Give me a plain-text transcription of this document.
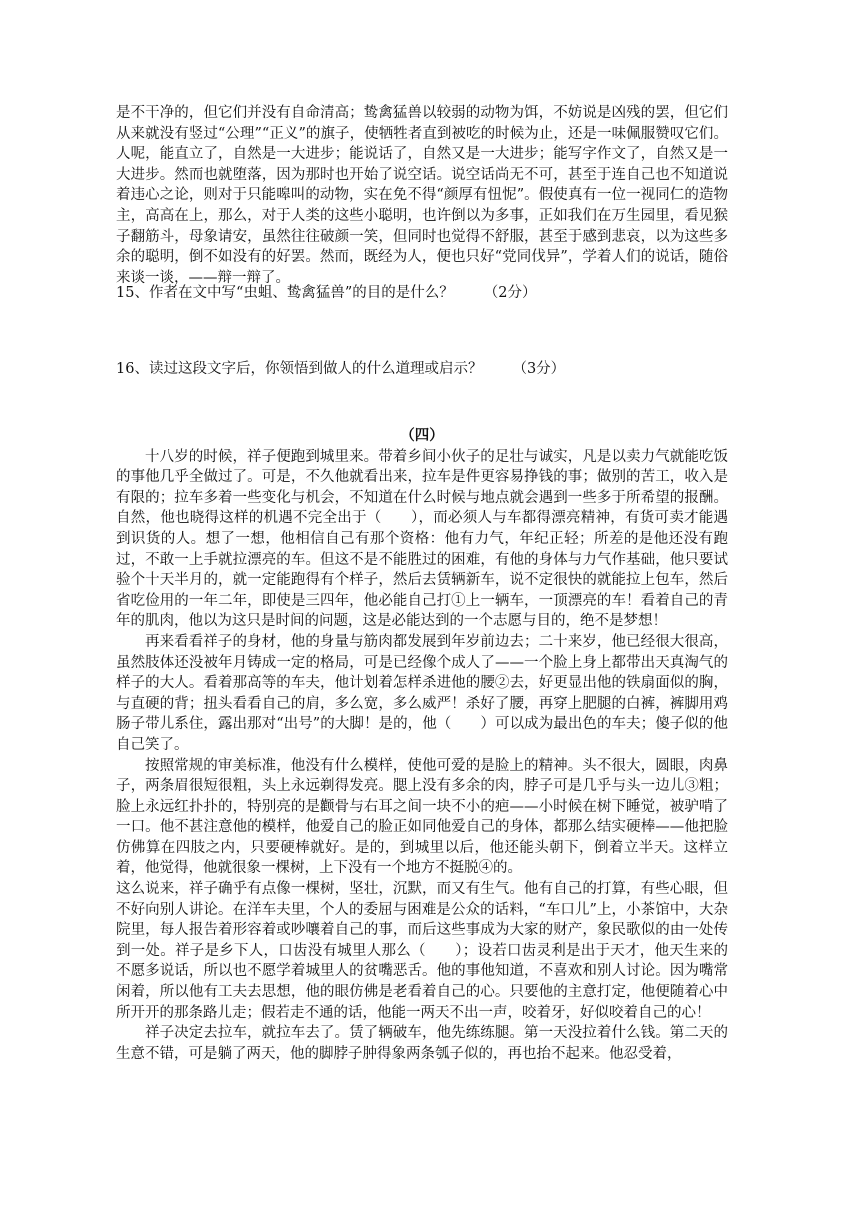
是不干净的，但它们并没有自命清高；鸷禽猛兽以较弱的动物为饵，不妨说是凶残的罢，但它们从来就没有竖过“公理”“正义”的旗子，使牺牲者直到被吃的时候为止，还是一味佩服赞叹它们。人呢，能直立了，自然是一大进步；能说话了，自然又是一大进步；能写字作文了，自然又是一大进步。然而也就堕落，因为那时也开始了说空话。说空话尚无不可，甚至于连自己也不知道说着违心之论，则对于只能嗥叫的动物，实在免不得“颜厚有忸怩”。假使真有一位一视同仁的造物主，高高在上，那么，对于人类的这些小聪明，也许倒以为多事，正如我们在万生园里，看见猴子翻筋斗，母象请安，虽然往往破颜一笑，但同时也觉得不舒服，甚至于感到悲哀，以为这些多余的聪明，倒不如没有的好罢。然而，既经为人，便也只好“党同伐异”，学着人们的说话，随俗来谈一谈，——辩一辩了。

15、作者在文中写“虫蛆、鸷禽猛兽”的目的是什么？ （2分）

16、读过这段文字后，你领悟到做人的什么道理或启示？ （3分）

（四）

十八岁的时候，祥子便跑到城里来。带着乡间小伙子的足壮与诚实，凡是以卖力气就能吃饭的事他几乎全做过了。可是，不久他就看出来，拉车是件更容易挣钱的事；做别的苦工，收入是有限的；拉车多着一些变化与机会，不知道在什么时候与地点就会遇到一些多于所希望的报酬。自然，他也晓得这样的机遇不完全出于（　　），而必须人与车都得漂亮精神，有货可卖才能遇到识货的人。想了一想，他相信自己有那个资格：他有力气，年纪正轻；所差的是他还没有跑过，不敢一上手就拉漂亮的车。但这不是不能胜过的困难，有他的身体与力气作基础，他只要试验个十天半月的，就一定能跑得有个样子，然后去赁辆新车，说不定很快的就能拉上包车，然后省吃俭用的一年二年，即使是三四年，他必能自己打①上一辆车，一顶漂亮的车！看着自己的青年的肌肉，他以为这只是时间的问题，这是必能达到的一个志愿与目的，绝不是梦想！

再来看看祥子的身材，他的身量与筋肉都发展到年岁前边去；二十来岁，他已经很大很高，虽然肢体还没被年月铸成一定的格局，可是已经像个成人了——一个脸上身上都带出天真淘气的样子的大人。看着那高等的车夫，他计划着怎样杀进他的腰②去，好更显出他的铁扇面似的胸，与直硬的背；扭头看看自己的肩，多么宽，多么威严！杀好了腰，再穿上肥腿的白裤，裤脚用鸡肠子带儿系住，露出那对“出号”的大脚！是的，他（　　）可以成为最出色的车夫；傻子似的他自己笑了。

按照常规的审美标准，他没有什么模样，使他可爱的是脸上的精神。头不很大，圆眼，肉鼻子，两条眉很短很粗，头上永远剃得发亮。腮上没有多余的肉，脖子可是几乎与头一边儿③粗；脸上永远红扑扑的，特别亮的是颧骨与右耳之间一块不小的疤——小时候在树下睡觉，被驴啃了一口。他不甚注意他的模样，他爱自己的脸正如同他爱自己的身体，都那么结实硬棒——他把脸仿佛算在四肢之内，只要硬棒就好。是的，到城里以后，他还能头朝下，倒着立半天。这样立着，他觉得，他就很象一棵树，上下没有一个地方不挺脱④的。

这么说来，祥子确乎有点像一棵树，坚壮，沉默，而又有生气。他有自己的打算，有些心眼，但不好向别人讲论。在洋车夫里，个人的委屈与困难是公众的话料，“车口儿”上，小茶馆中，大杂院里，每人报告着形容着或吵嚷着自己的事，而后这些事成为大家的财产，象民歌似的由一处传到一处。祥子是乡下人，口齿没有城里人那么（　　）；设若口齿灵利是出于天才，他天生来的不愿多说话，所以也不愿学着城里人的贫嘴恶舌。他的事他知道，不喜欢和别人讨论。因为嘴常闲着，所以他有工夫去思想，他的眼仿佛是老看着自己的心。只要他的主意打定，他便随着心中所开开的那条路儿走；假若走不通的话，他能一两天不出一声，咬着牙，好似咬着自己的心！

祥子决定去拉车，就拉车去了。赁了辆破车，他先练练腿。第一天没拉着什么钱。第二天的生意不错，可是躺了两天，他的脚脖子肿得象两条瓠子似的，再也抬不起来。他忍受着，
